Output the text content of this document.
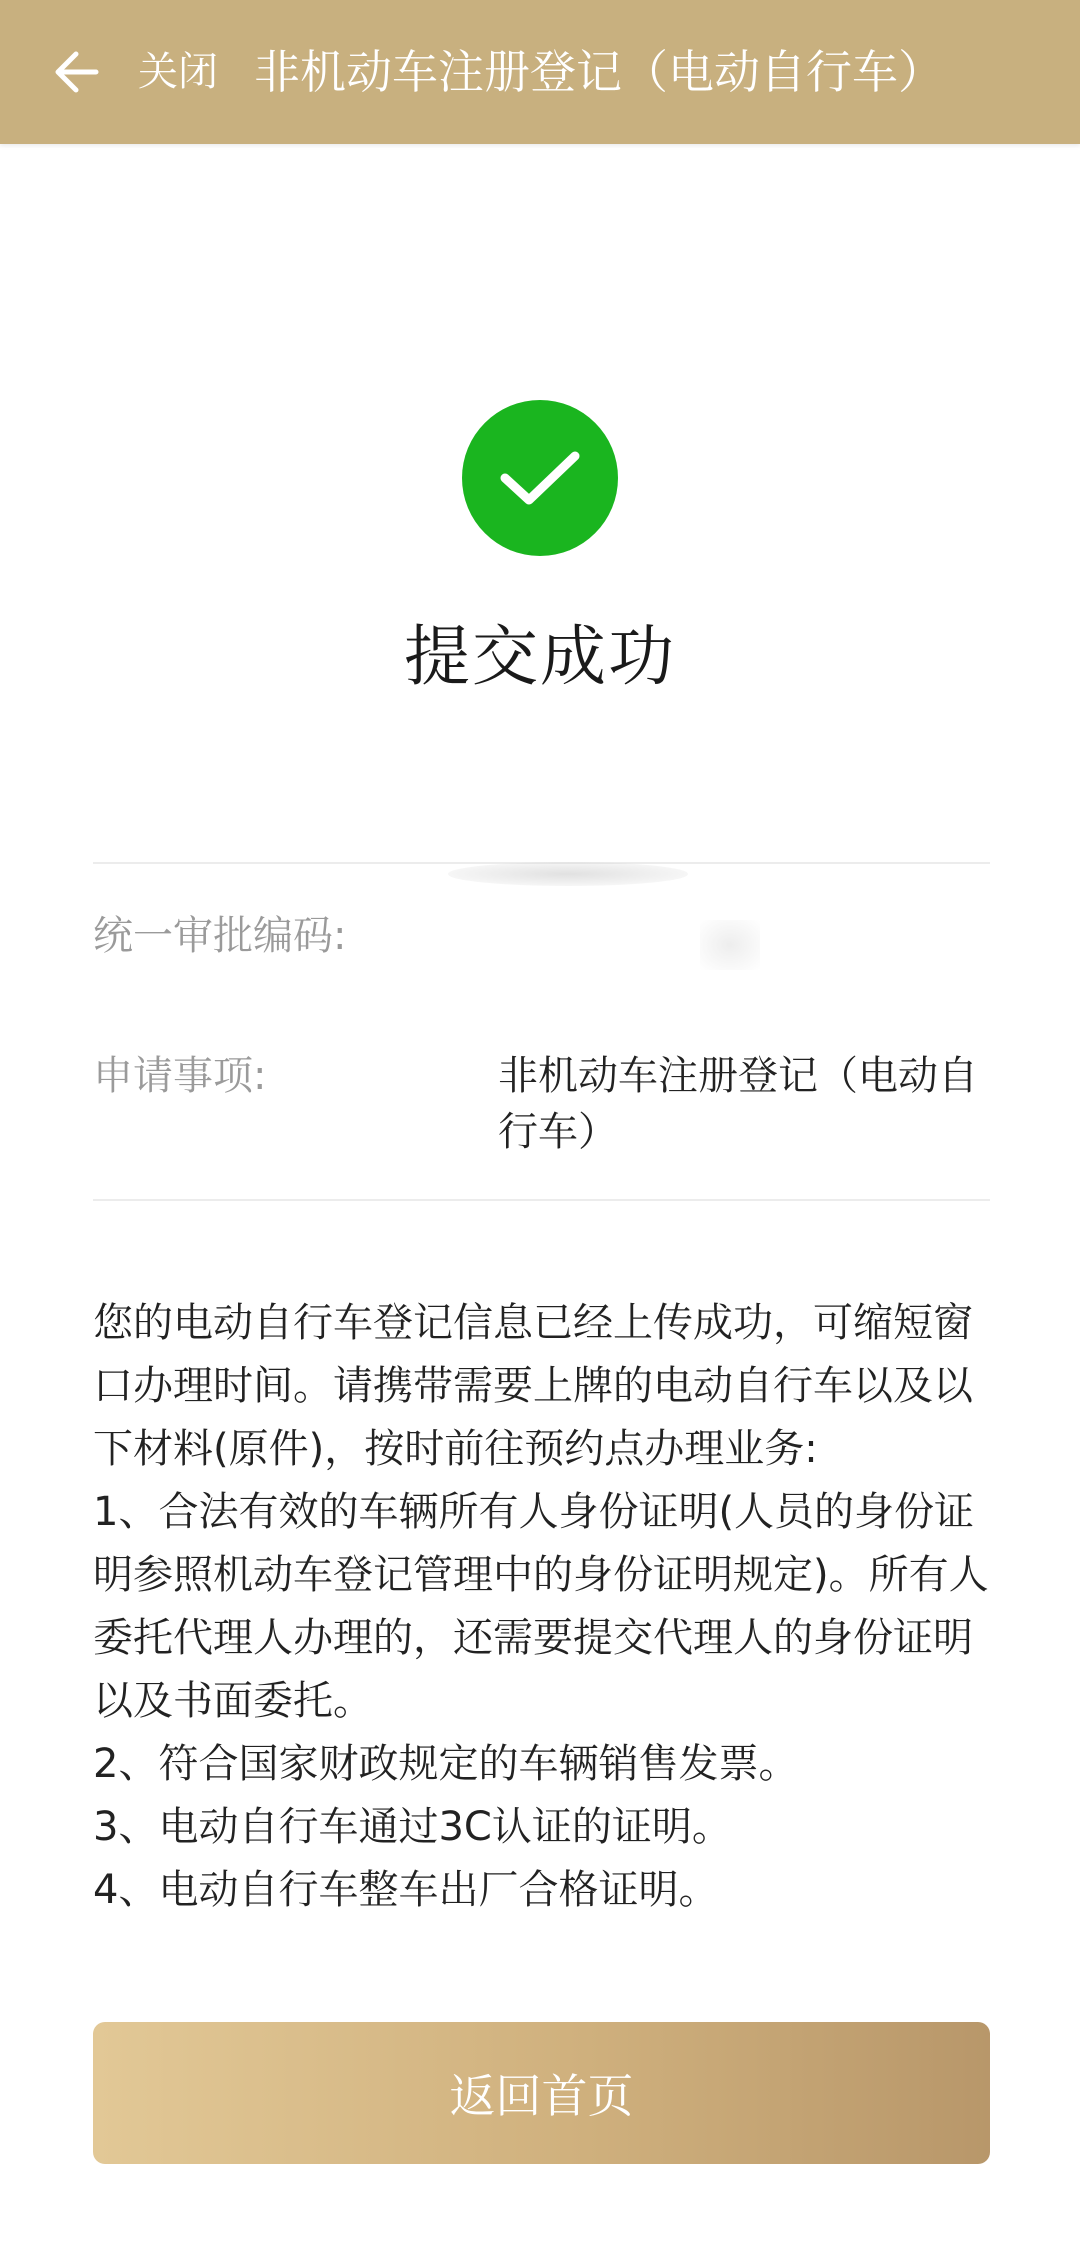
关闭 非机动车注册登记（电动自行车）
提交成功
统一审批编码:
申请事项:	非机动车注册登记（电动自行车）

您的电动自行车登记信息已经上传成功，可缩短窗口办理时间。请携带需要上牌的电动自行车以及以下材料(原件)，按时前往预约点办理业务:

1、合法有效的车辆所有人身份证明(人员的身份证明参照机动车登记管理中的身份证明规定)。所有人委托代理人办理的，还需要提交代理人的身份证明以及书面委托。

2、符合国家财政规定的车辆销售发票。

3、电动自行车通过3C认证的证明。

4、电动自行车整车出厂合格证明。

返回首页
